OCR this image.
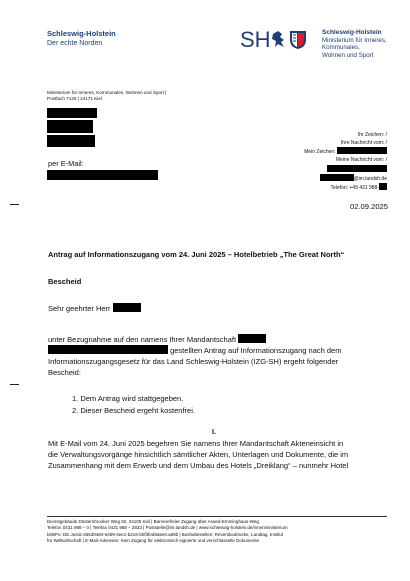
Schleswig-Holstein
Der echte Norden	SH	Schleswig-Holstein
Ministerium für Inneres,
Kommunales,
Wohnen und Sport
Ministerium für Inneres, Kommunales, Wohnen und Sport |
Postfach 7125 | 24171 Kiel
Ihr Zeichen: /
Ihre Nachricht vom: /
Mein Zeichen:
Meine Nachricht vom: /
@im.landsh.de
Telefon: +49 431 988-
per E-Mail:
02.09.2025
Antrag auf Informationszugang vom 24. Juni 2025 – Hotelbetrieb „The Great North“
Bescheid
Sehr geehrter Herr
unter Bezugnahme auf den namens Ihrer Mandantschaft
gestellten Antrag auf Informationszugang nach dem
Informationszugangsgesetz für das Land Schleswig-Holstein (IZG-SH) ergeht folgender
Bescheid:
1. Dem Antrag wird stattgegeben.
2. Dieser Bescheid ergeht kostenfrei.
I.
Mit E-Mail vom 24. Juni 2025 begehren Sie namens Ihrer Mandantschaft Akteneinsicht in
die Verwaltungsvorgänge hinsichtlich sämtlicher Akten, Unterlagen und Dokumente, die im
Zusammenhang mit dem Erwerb und dem Umbau des Hotels „Dreiklang“ – nunmehr Hotel
Dienstgebäude Düsternbrooker Weg 92, 24105 Kiel | Barrierefreier Zugang über Arwed-Emminghaus-Weg
Telefon 0431 988 – 0 | Telefax 0431 988 – 2833 | Poststelle@im.landsh.de | www.schleswig-holstein.de/innenministerium
beBPo: DE.Justiz.65530484-6459-4ee1-b216-b0f3fed9a5e0.a69b | Bushaltestellen: Reventloubrücke, Landtag, Institut
für Weltwirtschaft | E-Mail-Adressen: Kein Zugang für elektronisch signierte und verschlüsselte Dokumente
